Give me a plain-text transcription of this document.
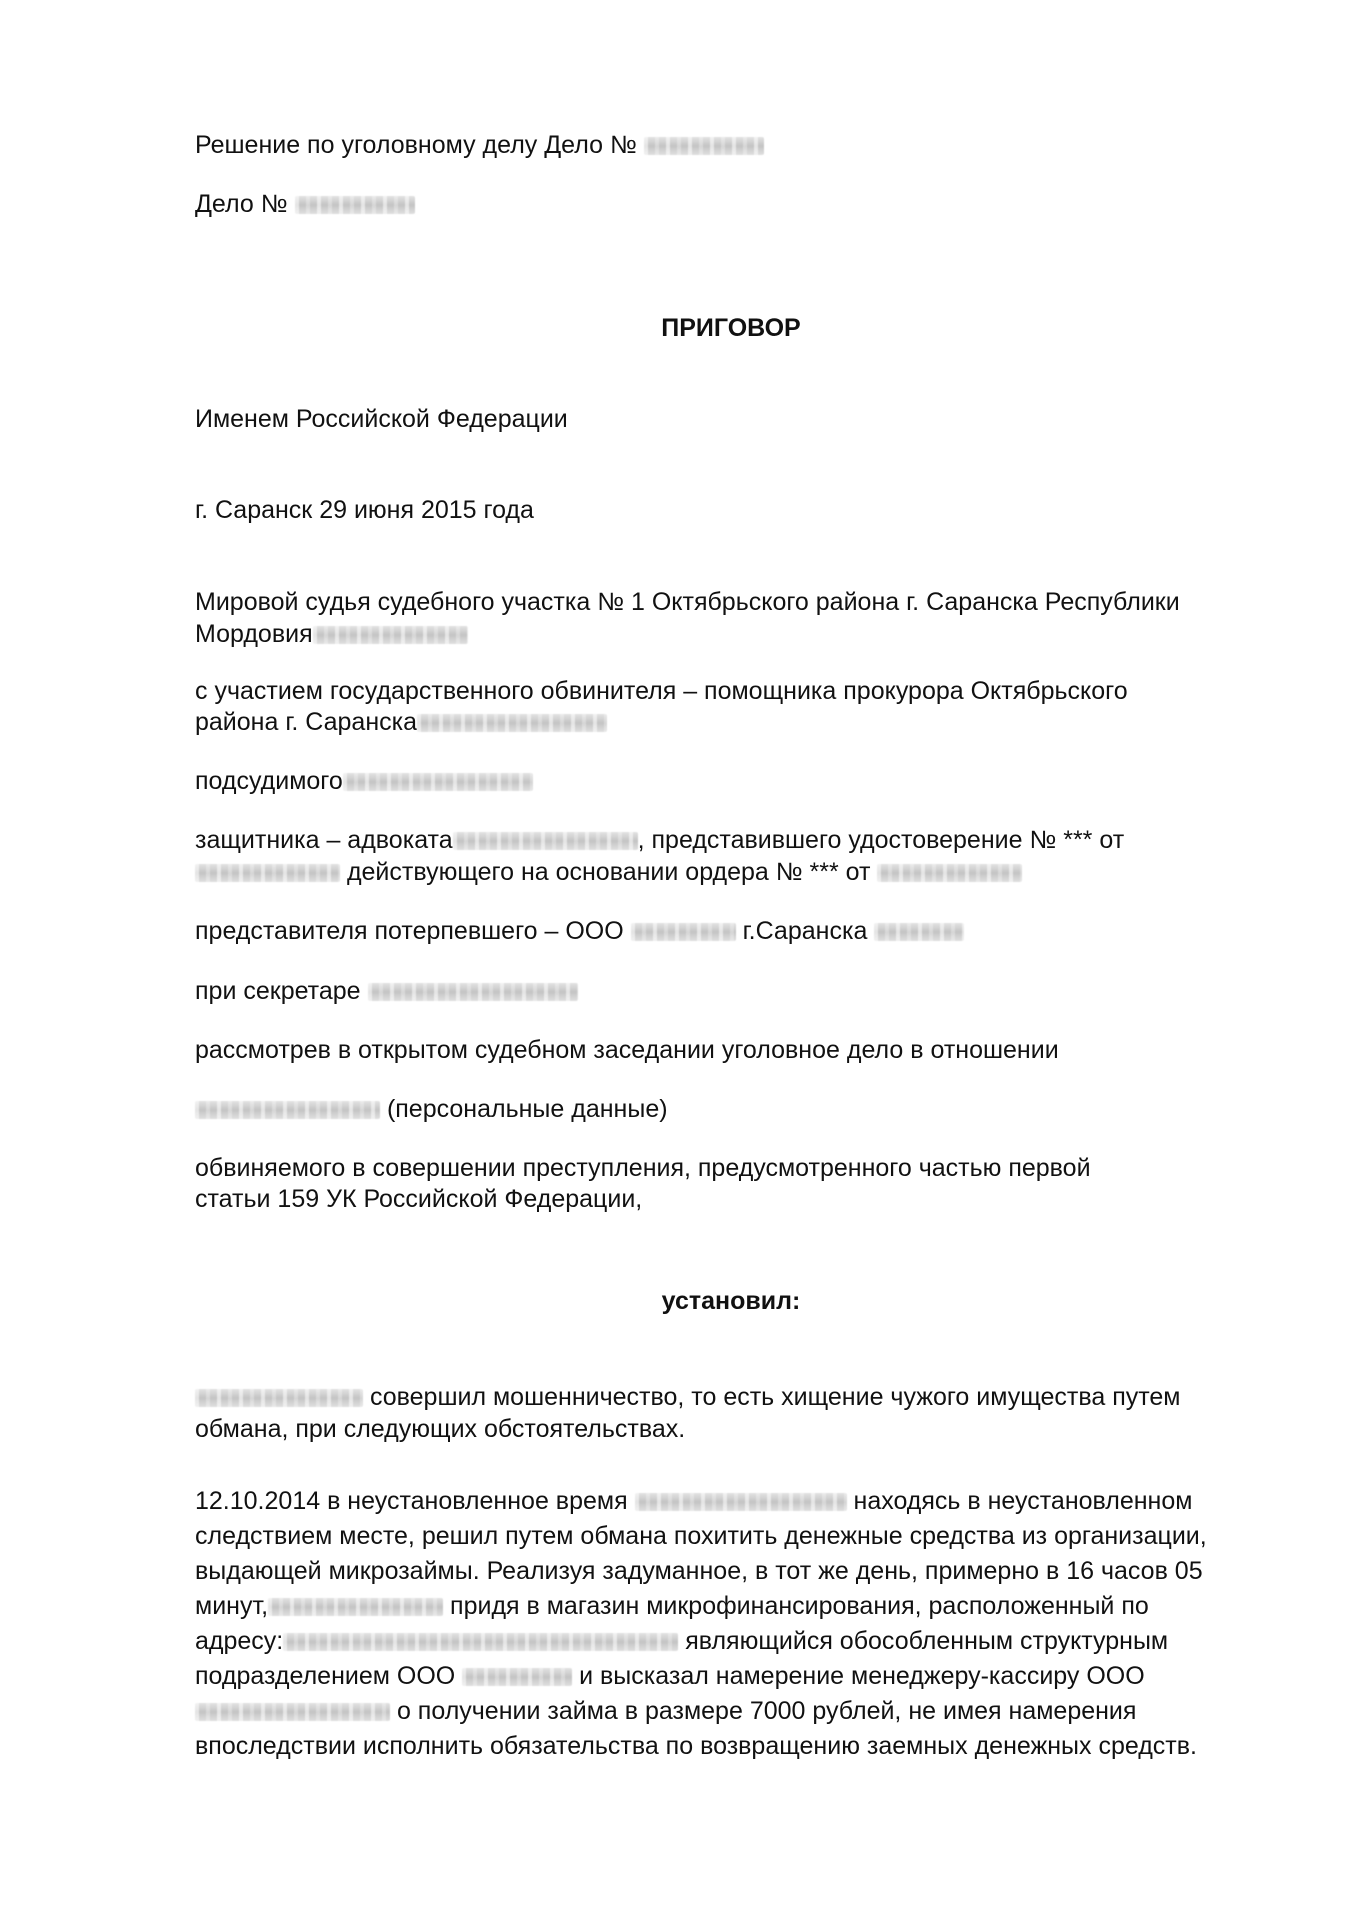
Решение по уголовному делу Дело №
Дело №
ПРИГОВОР
Именем Российской Федерации
г. Саранск 29 июня 2015 года
Мировой судья судебного участка № 1 Октябрьского района г. Саранска Республики
Мордовия
с участием государственного обвинителя – помощника прокурора Октябрьского
района г. Саранска
подсудимого
защитника – адвоката	, представившего удостоверение № *** от
действующего на основании ордера № *** от
представителя потерпевшего – ООО	г.Саранска
при секретаре
рассмотрев в открытом судебном заседании уголовное дело в отношении
(персональные данные)
обвиняемого в совершении преступления, предусмотренного частью первой
статьи 159 УК Российской Федерации,
установил:
совершил мошенничество, то есть хищение чужого имущества путем
обмана, при следующих обстоятельствах.
12.10.2014 в неустановленное время	находясь в неустановленном
следствием месте, решил путем обмана похитить денежные средства из организации,
выдающей микрозаймы. Реализуя задуманное, в тот же день, примерно в 16 часов 05
минут,	придя в магазин микрофинансирования, расположенный по
адресу:	являющийся обособленным структурным
подразделением ООО	и высказал намерение менеджеру-кассиру ООО
о получении займа в размере 7000 рублей, не имея намерения
впоследствии исполнить обязательства по возвращению заемных денежных средств.
